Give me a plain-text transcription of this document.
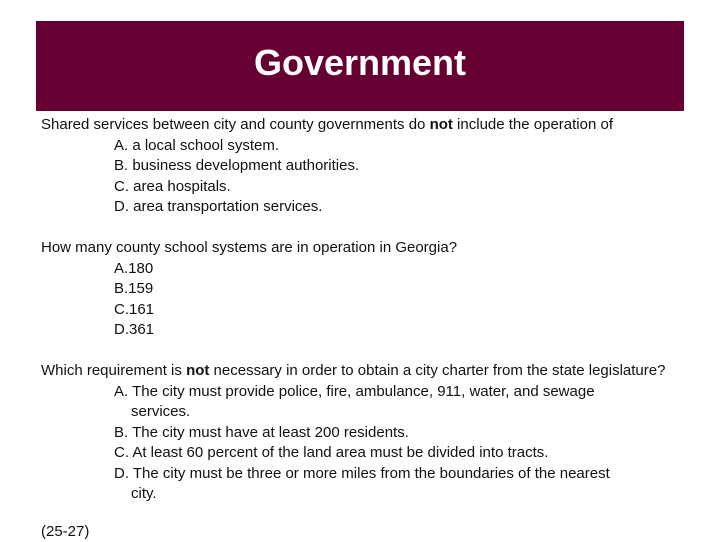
Government
Shared services between city and county governments do not include the operation of
A. a local school system.
B. business development authorities.
C. area hospitals.
D. area transportation services.
How many county school systems are in operation in Georgia?
A.180
B.159
C.161
D.361
Which requirement is not necessary in order to obtain a city charter from the state legislature?
A. The city must provide police, fire, ambulance, 911, water, and sewage
services.
B. The city must have at least 200 residents.
C. At least 60 percent of the land area must be divided into tracts.
D. The city must be three or more miles from the boundaries of the nearest
city.
(25-27)
